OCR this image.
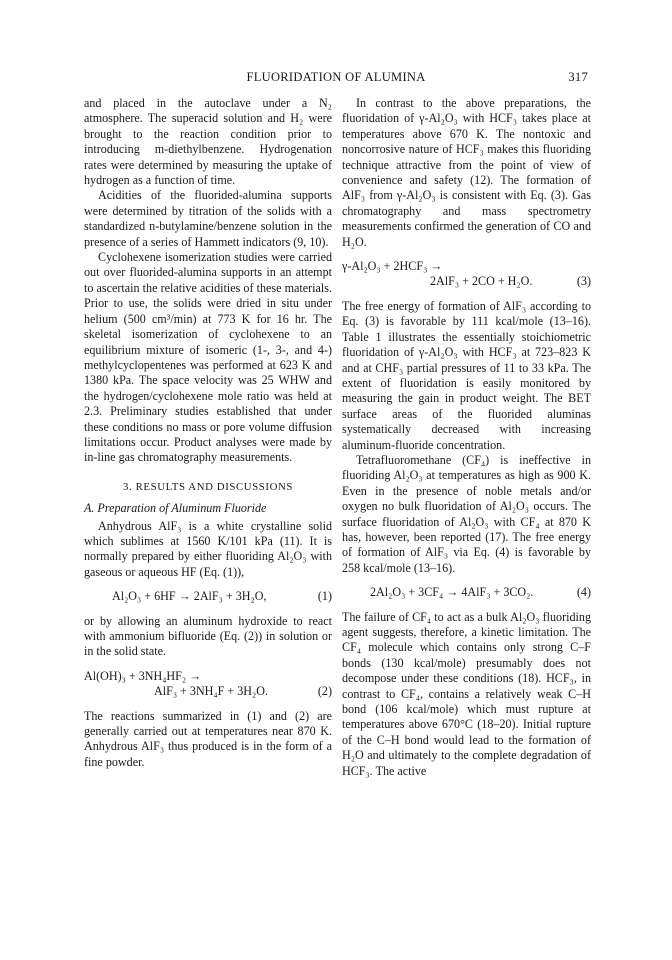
FLUORIDATION OF ALUMINA	317

and placed in the autoclave under a N₂ atmosphere. The superacid solution and H₂ were brought to the reaction condition prior to introducing m-diethylbenzene. Hydrogenation rates were determined by measuring the uptake of hydrogen as a function of time.

Acidities of the fluorided-alumina supports were determined by titration of the solids with a standardized n-butylamine/benzene solution in the presence of a series of Hammett indicators (9, 10).

Cyclohexene isomerization studies were carried out over fluorided-alumina supports in an attempt to ascertain the relative acidities of these materials. Prior to use, the solids were dried in situ under helium (500 cm³/min) at 773 K for 16 hr. The skeletal isomerization of cyclohexene to an equilibrium mixture of isomeric (1-, 3-, and 4-) methylcyclopentenes was performed at 623 K and 1380 kPa. The space velocity was 25 WHW and the hydrogen/cyclohexene mole ratio was held at 2.3. Preliminary studies established that under these conditions no mass or pore volume diffusion limitations occur. Product analyses were made by in-line gas chromatography measurements.

3. RESULTS AND DISCUSSIONS
A. Preparation of Aluminum Fluoride

Anhydrous AlF₃ is a white crystalline solid which sublimes at 1560 K/101 kPa (11). It is normally prepared by either fluoriding Al₂O₃ with gaseous or aqueous HF (Eq. (1)),

Al₂O₃ + 6HF → 2AlF₃ + 3H₂O,	(1)

or by allowing an aluminum hydroxide to react with ammonium bifluoride (Eq. (2)) in solution or in the solid state.

Al(OH)₃ + 3NH₄HF₂ →
AlF₃ + 3NH₄F + 3H₂O.	(2)

The reactions summarized in (1) and (2) are generally carried out at temperatures near 870 K. Anhydrous AlF₃ thus produced is in the form of a fine powder.

In contrast to the above preparations, the fluoridation of γ-Al₂O₃ with HCF₃ takes place at temperatures above 670 K. The nontoxic and noncorrosive nature of HCF₃ makes this fluoriding technique attractive from the point of view of convenience and safety (12). The formation of AlF₃ from γ-Al₂O₃ is consistent with Eq. (3). Gas chromatography and mass spectrometry measurements confirmed the generation of CO and H₂O.

γ-Al₂O₃ + 2HCF₃ →
2AlF₃ + 2CO + H₂O.	(3)

The free energy of formation of AlF₃ according to Eq. (3) is favorable by 111 kcal/mole (13–16). Table 1 illustrates the essentially stoichiometric fluoridation of γ-Al₂O₃ with HCF₃ at 723–823 K and at CHF₃ partial pressures of 11 to 33 kPa. The extent of fluoridation is easily monitored by measuring the gain in product weight. The BET surface areas of the fluorided aluminas systematically decreased with increasing aluminum-fluoride concentration.

Tetrafluoromethane (CF₄) is ineffective in fluoriding Al₂O₃ at temperatures as high as 900 K. Even in the presence of noble metals and/or oxygen no bulk fluoridation of Al₂O₃ occurs. The surface fluoridation of Al₂O₃ with CF₄ at 870 K has, however, been reported (17). The free energy of formation of AlF₃ via Eq. (4) is favorable by 258 kcal/mole (13–16).

2Al₂O₃ + 3CF₄ → 4AlF₃ + 3CO₂.	(4)

The failure of CF₄ to act as a bulk Al₂O₃ fluoriding agent suggests, therefore, a kinetic limitation. The CF₄ molecule which contains only strong C–F bonds (130 kcal/mole) presumably does not decompose under these conditions (18). HCF₃, in contrast to CF₄, contains a relatively weak C–H bond (106 kcal/mole) which must rupture at temperatures above 670°C (18–20). Initial rupture of the C–H bond would lead to the formation of H₂O and ultimately to the complete degradation of HCF₃. The active
